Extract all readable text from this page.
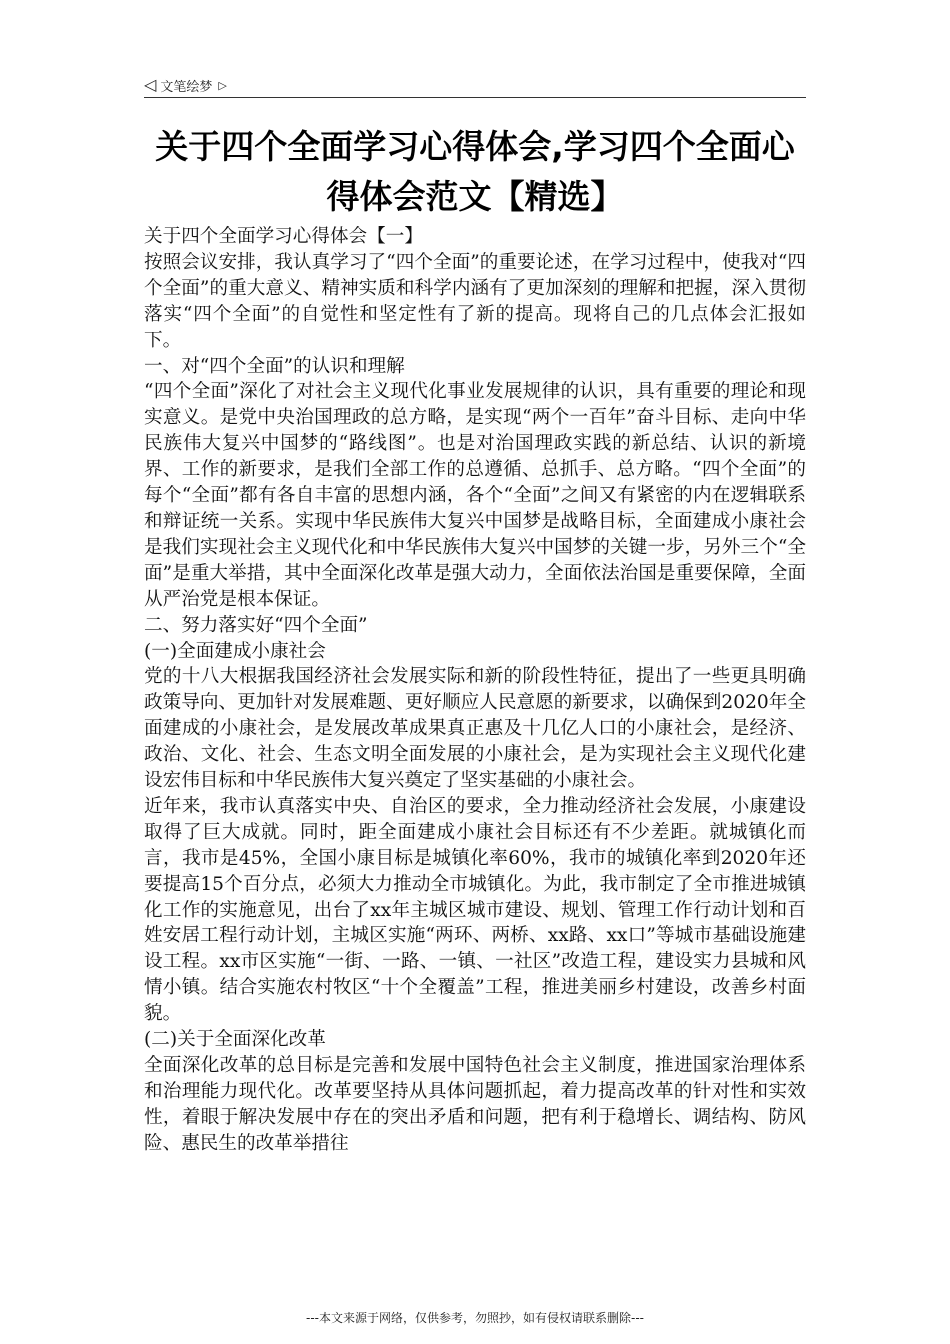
◁ 文笔绘梦 ▷
关于四个全面学习心得体会,学习四个全面心得体会范文【精选】

关于四个全面学习心得体会【一】

按照会议安排，我认真学习了“四个全面”的重要论述，在学习过程中，使我对“四个全面”的重大意义、精神实质和科学内涵有了更加深刻的理解和把握，深入贯彻落实“四个全面”的自觉性和坚定性有了新的提高。现将自己的几点体会汇报如下。

一、对“四个全面”的认识和理解

“四个全面”深化了对社会主义现代化事业发展规律的认识，具有重要的理论和现实意义。是党中央治国理政的总方略，是实现“两个一百年”奋斗目标、走向中华民族伟大复兴中国梦的“路线图”。也是对治国理政实践的新总结、认识的新境界、工作的新要求，是我们全部工作的总遵循、总抓手、总方略。“四个全面”的每个“全面”都有各自丰富的思想内涵，各个“全面”之间又有紧密的内在逻辑联系和辩证统一关系。实现中华民族伟大复兴中国梦是战略目标，全面建成小康社会是我们实现社会主义现代化和中华民族伟大复兴中国梦的关键一步，另外三个“全面”是重大举措，其中全面深化改革是强大动力，全面依法治国是重要保障，全面从严治党是根本保证。

二、努力落实好“四个全面”

(一)全面建成小康社会

党的十八大根据我国经济社会发展实际和新的阶段性特征，提出了一些更具明确政策导向、更加针对发展难题、更好顺应人民意愿的新要求，以确保到2020年全面建成的小康社会，是发展改革成果真正惠及十几亿人口的小康社会，是经济、政治、文化、社会、生态文明全面发展的小康社会，是为实现社会主义现代化建设宏伟目标和中华民族伟大复兴奠定了坚实基础的小康社会。

近年来，我市认真落实中央、自治区的要求，全力推动经济社会发展，小康建设取得了巨大成就。同时，距全面建成小康社会目标还有不少差距。就城镇化而言，我市是45%，全国小康目标是城镇化率60%，我市的城镇化率到2020年还要提高15个百分点，必须大力推动全市城镇化。为此，我市制定了全市推进城镇化工作的实施意见，出台了xx年主城区城市建设、规划、管理工作行动计划和百姓安居工程行动计划，主城区实施“两环、两桥、xx路、xx口”等城市基础设施建设工程。xx市区实施“一街、一路、一镇、一社区”改造工程，建设实力县城和风情小镇。结合实施农村牧区“十个全覆盖”工程，推进美丽乡村建设，改善乡村面貌。

(二)关于全面深化改革

全面深化改革的总目标是完善和发展中国特色社会主义制度，推进国家治理体系和治理能力现代化。改革要坚持从具体问题抓起，着力提高改革的针对性和实效性，着眼于解决发展中存在的突出矛盾和问题，把有利于稳增长、调结构、防风险、惠民生的改革举措往

---本文来源于网络，仅供参考，勿照抄，如有侵权请联系删除---
